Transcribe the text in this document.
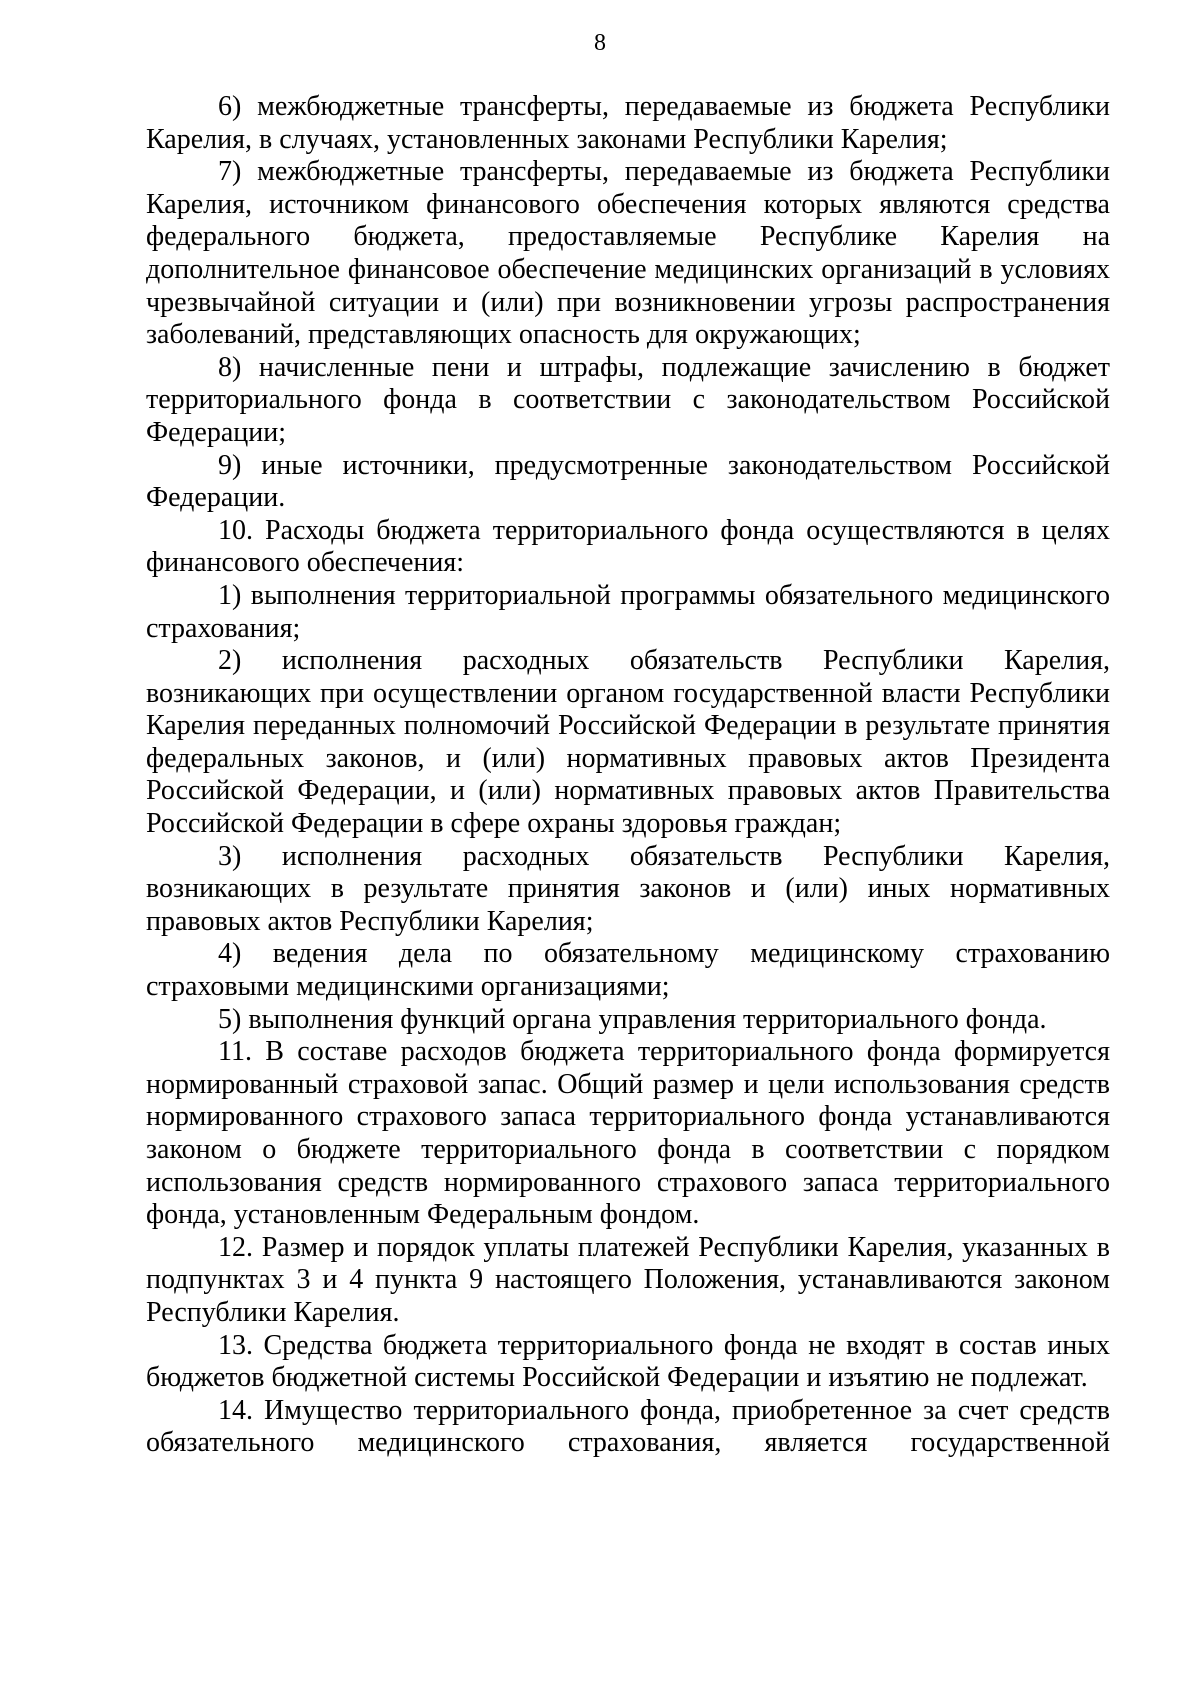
8

6) межбюджетные трансферты, передаваемые из бюджета Республики Карелия, в случаях, установленных законами Республики Карелия;

7) межбюджетные трансферты, передаваемые из бюджета Республики Карелия, источником финансового обеспечения которых являются средства федерального бюджета, предоставляемые Республике Карелия на дополнительное финансовое обеспечение медицинских организаций в условиях чрезвычайной ситуации и (или) при возникновении угрозы распространения заболеваний, представляющих опасность для окружающих;

8) начисленные пени и штрафы, подлежащие зачислению в бюджет территориального фонда в соответствии с законодательством Российской Федерации;

9) иные источники, предусмотренные законодательством Российской Федерации.

10. Расходы бюджета территориального фонда осуществляются в целях финансового обеспечения:

1) выполнения территориальной программы обязательного медицинского страхования;

2) исполнения расходных обязательств Республики Карелия, возникающих при осуществлении органом государственной власти Республики Карелия переданных полномочий Российской Федерации в результате принятия федеральных законов, и (или) нормативных правовых актов Президента Российской Федерации, и (или) нормативных правовых актов Правительства Российской Федерации в сфере охраны здоровья граждан;

3) исполнения расходных обязательств Республики Карелия, возникающих в результате принятия законов и (или) иных нормативных правовых актов Республики Карелия;

4) ведения дела по обязательному медицинскому страхованию страховыми медицинскими организациями;

5) выполнения функций органа управления территориального фонда.

11. В составе расходов бюджета территориального фонда формируется нормированный страховой запас. Общий размер и цели использования средств нормированного страхового запаса территориального фонда устанавливаются законом о бюджете территориального фонда в соответствии с порядком использования средств нормированного страхового запаса территориального фонда, установленным Федеральным фондом.

12. Размер и порядок уплаты платежей Республики Карелия, указанных в подпунктах 3 и 4 пункта 9 настоящего Положения, устанавливаются законом Республики Карелия.

13. Средства бюджета территориального фонда не входят в состав иных бюджетов бюджетной системы Российской Федерации и изъятию не подлежат.

14. Имущество территориального фонда, приобретенное за счет средств обязательного медицинского страхования, является государственной
